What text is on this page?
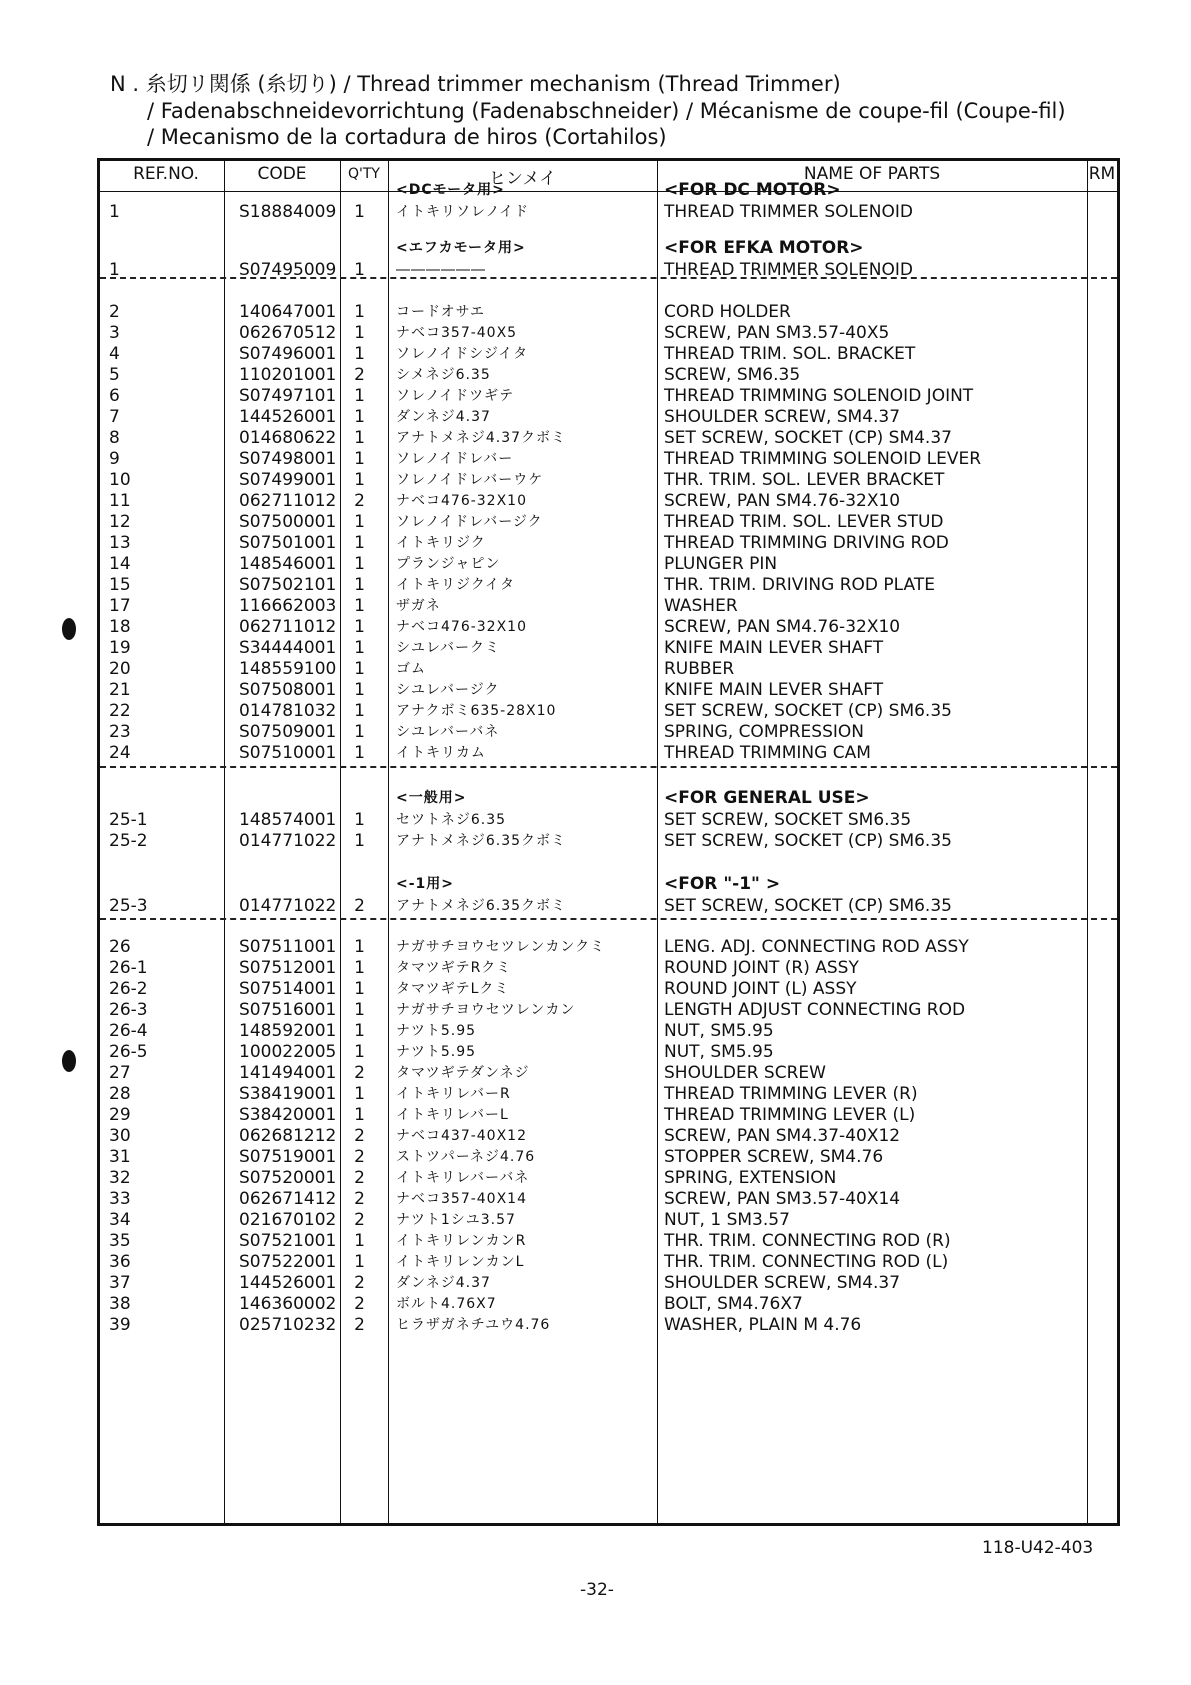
N . 糸切リ関係 (糸切り) / Thread trimmer mechanism (Thread Trimmer)
/ Fadenabschneidevorrichtung (Fadenabschneider) / Mécanisme de coupe-fil (Coupe-fil)
/ Mecanismo de la cortadura de hiros (Cortahilos)
REF.NO.	CODE	Q'TY	ヒンメイ	NAME OF PARTS	RM
<DCモータ用>	<FOR DC MOTOR>
1	S18884009	1 イトキリソレノイド	THREAD TRIMMER SOLENOID
<エフカモータ用>	<FOR EFKA MOTOR>
1	S07495009	1 ――――――	THREAD TRIMMER SOLENOID
2	140647001	1 コードオサエ	CORD HOLDER
3	062670512	1 ナベコ357-40X5	SCREW, PAN SM3.57-40X5
4	S07496001	1 ソレノイドシジイタ	THREAD TRIM. SOL. BRACKET
5	110201001	2 シメネジ6.35	SCREW, SM6.35
6	S07497101	1 ソレノイドツギテ	THREAD TRIMMING SOLENOID JOINT
7	144526001	1 ダンネジ4.37	SHOULDER SCREW, SM4.37
8	014680622	1 アナトメネジ4.37クボミ	SET SCREW, SOCKET (CP) SM4.37
9	S07498001	1 ソレノイドレバー	THREAD TRIMMING SOLENOID LEVER
10	S07499001	1 ソレノイドレバーウケ	THR. TRIM. SOL. LEVER BRACKET
11	062711012	2 ナベコ476-32X10	SCREW, PAN SM4.76-32X10
12	S07500001	1 ソレノイドレバージク	THREAD TRIM. SOL. LEVER STUD
13	S07501001	1 イトキリジク	THREAD TRIMMING DRIVING ROD
14	148546001	1 プランジャピン	PLUNGER PIN
15	S07502101	1 イトキリジクイタ	THR. TRIM. DRIVING ROD PLATE
17	116662003	1 ザガネ	WASHER
18	062711012	1 ナベコ476-32X10	SCREW, PAN SM4.76-32X10
19	S34444001	1 シユレバークミ	KNIFE MAIN LEVER SHAFT
20	148559100	1 ゴム	RUBBER
21	S07508001	1 シユレバージク	KNIFE MAIN LEVER SHAFT
22	014781032	1 アナクボミ635-28X10	SET SCREW, SOCKET (CP) SM6.35
23	S07509001	1 シユレバーバネ	SPRING, COMPRESSION
24	S07510001	1 イトキリカム	THREAD TRIMMING CAM
<一般用>	<FOR GENERAL USE>
25-1	148574001	1 セツトネジ6.35	SET SCREW, SOCKET SM6.35
25-2	014771022	1 アナトメネジ6.35クボミ	SET SCREW, SOCKET (CP) SM6.35
<-1用>	<FOR "-1" >
25-3	014771022	2 アナトメネジ6.35クボミ	SET SCREW, SOCKET (CP) SM6.35
26	S07511001	1 ナガサチヨウセツレンカンクミ	LENG. ADJ. CONNECTING ROD ASSY
26-1	S07512001	1 タマツギテRクミ	ROUND JOINT (R) ASSY
26-2	S07514001	1 タマツギテLクミ	ROUND JOINT (L) ASSY
26-3	S07516001	1 ナガサチヨウセツレンカン	LENGTH ADJUST CONNECTING ROD
26-4	148592001	1 ナツト5.95	NUT, SM5.95
26-5	100022005	1 ナツト5.95	NUT, SM5.95
27	141494001	2 タマツギテダンネジ	SHOULDER SCREW
28	S38419001	1 イトキリレバーR	THREAD TRIMMING LEVER (R)
29	S38420001	1 イトキリレバーL	THREAD TRIMMING LEVER (L)
30	062681212	2 ナベコ437-40X12	SCREW, PAN SM4.37-40X12
31	S07519001	2 ストツパーネジ4.76	STOPPER SCREW, SM4.76
32	S07520001	2 イトキリレバーバネ	SPRING, EXTENSION
33	062671412	2 ナベコ357-40X14	SCREW, PAN SM3.57-40X14
34	021670102	2 ナツト1シユ3.57	NUT, 1 SM3.57
35	S07521001	1 イトキリレンカンR	THR. TRIM. CONNECTING ROD (R)
36	S07522001	1 イトキリレンカンL	THR. TRIM. CONNECTING ROD (L)
37	144526001	2 ダンネジ4.37	SHOULDER SCREW, SM4.37
38	146360002	2 ボルト4.76X7	BOLT, SM4.76X7
39	025710232	2 ヒラザガネチユウ4.76	WASHER, PLAIN M 4.76
118-U42-403
-32-
